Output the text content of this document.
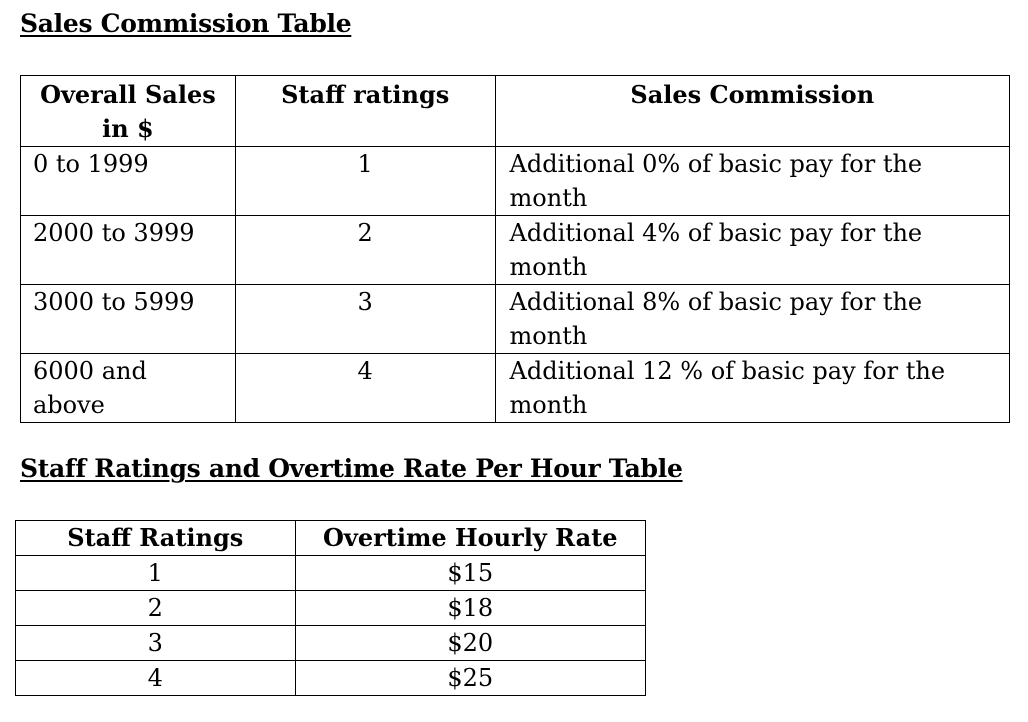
Sales Commission Table
Overall Sales in $	Staff ratings	Sales Commission
0 to 1999	1	Additional 0% of basic pay for the month
2000 to 3999	2	Additional 4% of basic pay for the month
3000 to 5999	3	Additional 8% of basic pay for the month
6000 and above	4	Additional 12 % of basic pay for the month
Staff Ratings and Overtime Rate Per Hour Table
Staff Ratings	Overtime Hourly Rate
1	$15
2	$18
3	$20
4	$25
